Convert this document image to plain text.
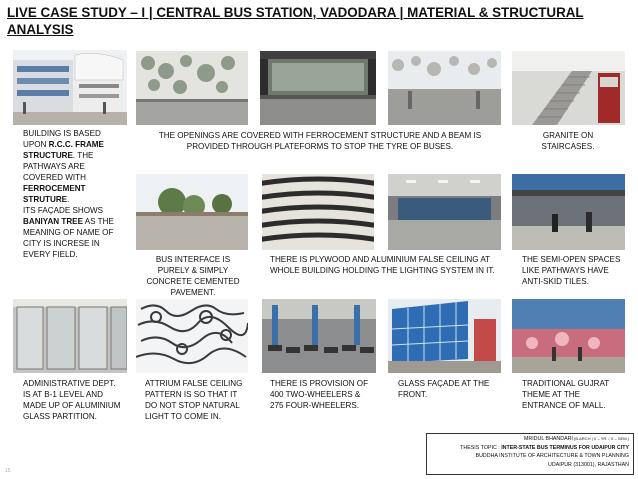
LIVE CASE STUDY – I | CENTRAL BUS STATION, VADODARA | MATERIAL & STRUCTURAL ANALYSIS
BUILDING IS BASED
UPON R.C.C. FRAME
STRUCTURE. THE
PATHWAYS ARE
COVERED WITH
FERROCEMENT
STRUTURE.
ITS FAÇADE SHOWS
BANIYAN TREE AS THE
MEANING OF NAME OF
CITY IS INCRESE IN
EVERY FIELD.
THE OPENINGS ARE COVERED WITH FERROCEMENT STRUCTURE AND A BEAM IS PROVIDED THROUGH PLATEFORMS TO STOP THE TYRE OF BUSES.
GRANITE ON STAIRCASES.
BUS INTERFACE IS PURELY & SIMPLY CONCRETE CEMENTED PAVEMENT.
THERE IS PLYWOOD AND ALUMINIUM FALSE CEILING AT WHOLE BUILDING HOLDING THE LIGHTING SYSTEM IN IT.
THE SEMI-OPEN SPACES LIKE PATHWAYS HAVE ANTI-SKID TILES.
ADMINISTRATIVE DEPT. IS AT B-1 LEVEL AND MADE UP OF ALUMINIUM GLASS PARTITION.
ATTRIUM FALSE CEILING PATTERN IS SO THAT IT DO NOT STOP NATURAL LIGHT TO COME IN.
THERE IS PROVISION OF 400 TWO-WHEELERS & 275 FOUR-WHEELERS.
GLASS FAÇADE AT THE FRONT.
TRADITIONAL GUJRAT THEME AT THE ENTRANCE OF MALL.
MRIDUL BHANDARI (B.ARCH | V – YR. / X – SEM.)
THESIS TOPIC : INTER-STATE BUS TERMINUS FOR UDAIPUR CITY
BUDDHA INSTITUTE OF ARCHITECTURE & TOWN PLANNING
UDAIPUR (313001), RAJASTHAN
15
